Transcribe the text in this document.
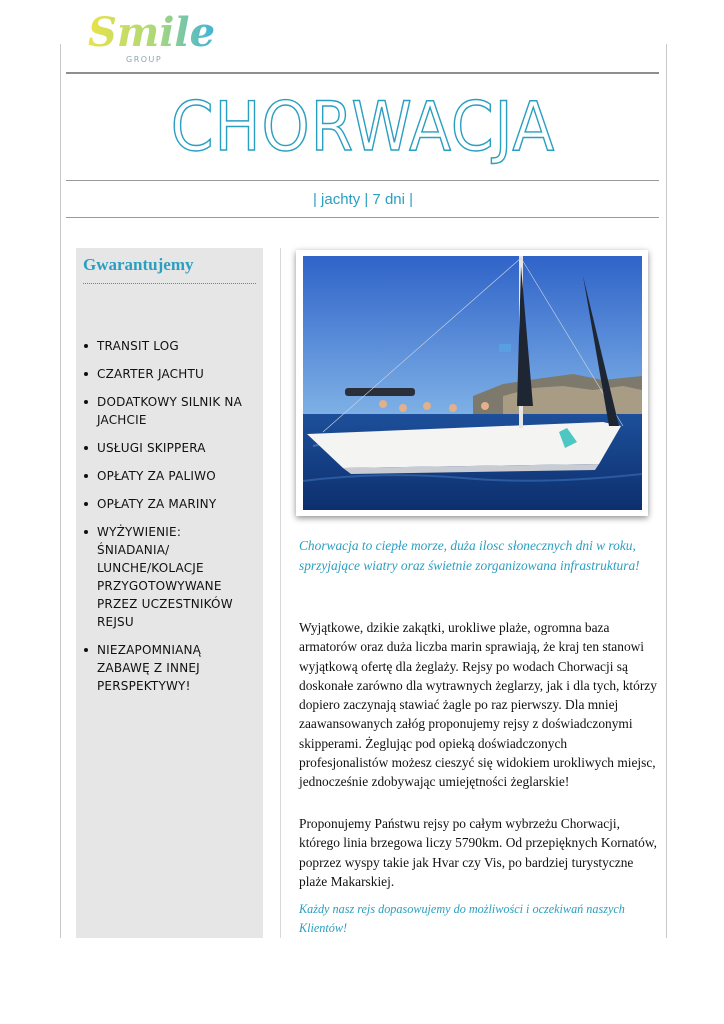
Smile
GROUP
CHORWACJA
| jachty | 7 dni |
Gwarantujemy
TRANSIT LOG
CZARTER JACHTU
DODATKOWY SILNIK NA JACHCIE
USŁUGI SKIPPERA
OPŁATY ZA PALIWO
OPŁATY ZA MARINY
WYŻYWIENIE: ŚNIADANIA/ LUNCHE/KOLACJE PRZYGOTOWYWANE PRZEZ UCZESTNIKÓW REJSU
NIEZAPOMNIANĄ ZABAWĘ Z INNEJ PERSPEKTYWY!
Chorwacja to ciepłe morze, duża ilosc słonecznych dni w roku, sprzyjające wiatry oraz świetnie zorganizowana infrastruktura!
Wyjątkowe, dzikie zakątki, urokliwe plaże, ogromna baza armatorów oraz duża liczba marin sprawiają, że kraj ten stanowi wyjątkową ofertę dla żeglaży. Rejsy po wodach Chorwacji są doskonałe zarówno dla wytrawnych żeglarzy, jak i dla tych, którzy dopiero zaczynają stawiać żagle po raz pierwszy. Dla mniej zaawansowanych załóg proponujemy rejsy z doświadczonymi skipperami. Żeglując pod opieką doświadczonych profesjonalistów możesz cieszyć się widokiem urokliwych miejsc, jednocześnie zdobywając umiejętności żeglarskie!
Proponujemy Państwu rejsy po całym wybrzeżu Chorwacji, którego linia brzegowa liczy 5790km. Od przepięknych Kornatów, poprzez wyspy takie jak Hvar czy Vis, po bardziej turystyczne plaże Makarskiej.
Każdy nasz rejs dopasowujemy do możliwości i oczekiwań naszych Klientów!
